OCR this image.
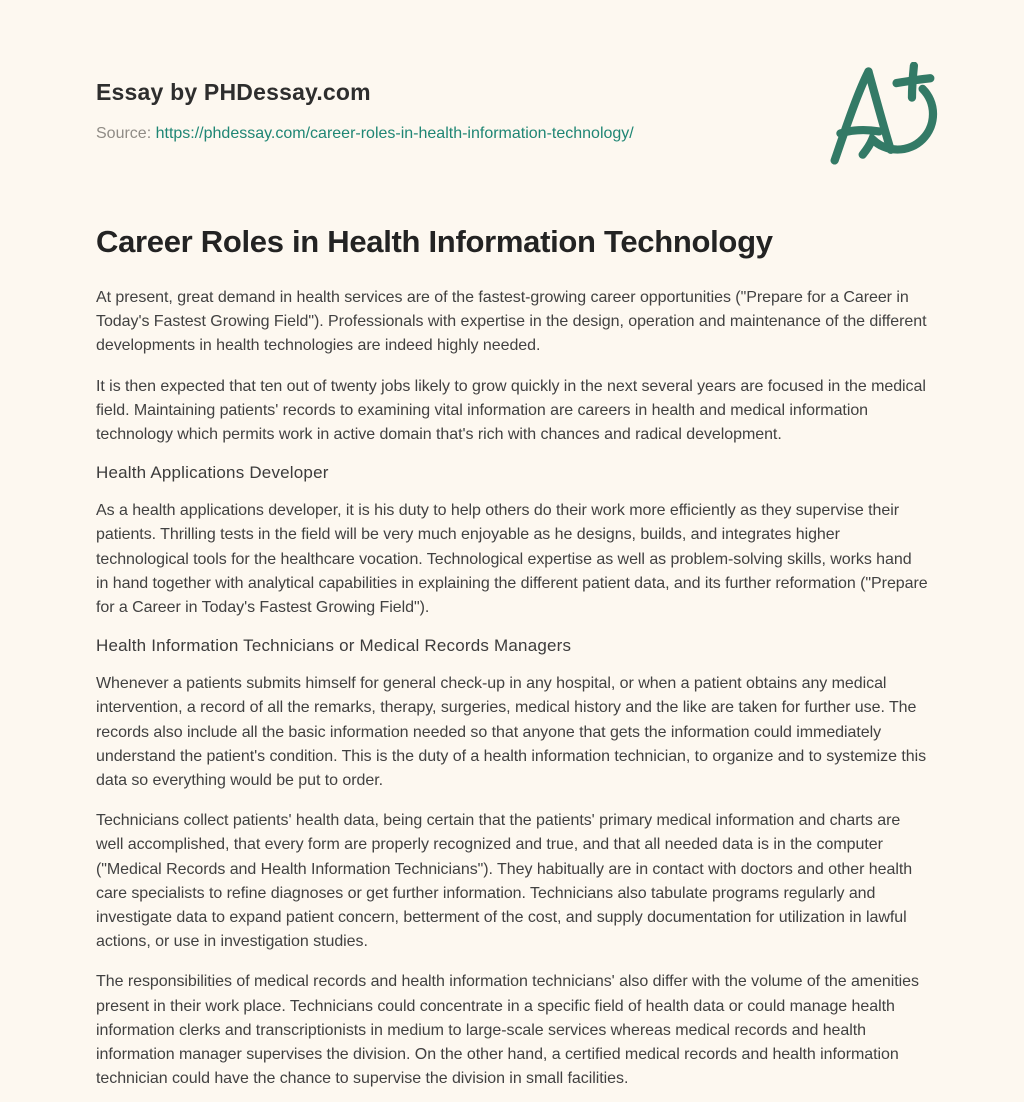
Essay by PHDessay.com

Source: https://phdessay.com/career-roles-in-health-information-technology/

Career Roles in Health Information Technology

At present, great demand in health services are of the fastest-growing career opportunities ("Prepare for a Career in Today's Fastest Growing Field"). Professionals with expertise in the design, operation and maintenance of the different developments in health technologies are indeed highly needed.

It is then expected that ten out of twenty jobs likely to grow quickly in the next several years are focused in the medical field. Maintaining patients' records to examining vital information are careers in health and medical information technology which permits work in active domain that's rich with chances and radical development.

Health Applications Developer

As a health applications developer, it is his duty to help others do their work more efficiently as they supervise their patients. Thrilling tests in the field will be very much enjoyable as he designs, builds, and integrates higher technological tools for the healthcare vocation. Technological expertise as well as problem-solving skills, works hand in hand together with analytical capabilities in explaining the different patient data, and its further reformation ("Prepare for a Career in Today's Fastest Growing Field").

Health Information Technicians or Medical Records Managers

Whenever a patients submits himself for general check-up in any hospital, or when a patient obtains any medical intervention, a record of all the remarks, therapy, surgeries, medical history and the like are taken for further use. The records also include all the basic information needed so that anyone that gets the information could immediately understand the patient's condition. This is the duty of a health information technician, to organize and to systemize this data so everything would be put to order.

Technicians collect patients' health data, being certain that the patients' primary medical information and charts are well accomplished, that every form are properly recognized and true, and that all needed data is in the computer ("Medical Records and Health Information Technicians"). They habitually are in contact with doctors and other health care specialists to refine diagnoses or get further information. Technicians also tabulate programs regularly and investigate data to expand patient concern, betterment of the cost, and supply documentation for utilization in lawful actions, or use in investigation studies.

The responsibilities of medical records and health information technicians' also differ with the volume of the amenities present in their work place. Technicians could concentrate in a specific field of health data or could manage health information clerks and transcriptionists in medium to large-scale services whereas medical records and health information manager supervises the division. On the other hand, a certified medical records and health information technician could have the chance to supervise the division in small facilities.
